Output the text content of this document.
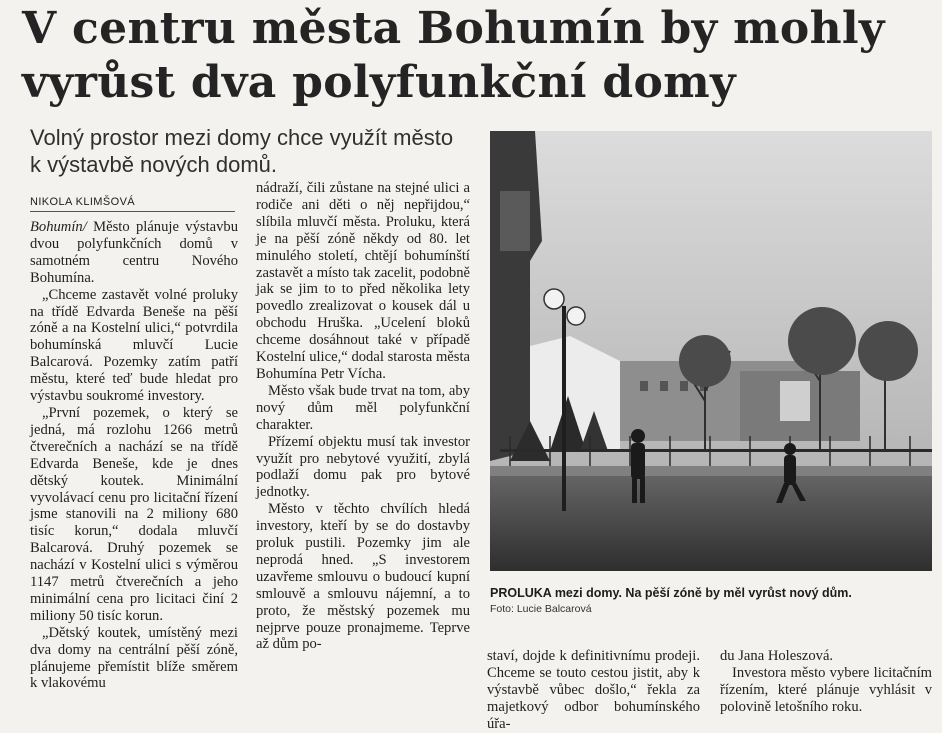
V centru města Bohumín by mohly vyrůst dva polyfunkční domy
Volný prostor mezi domy chce využít město k výstavbě nových domů.
NIKOLA KLIMŠOVÁ

Bohumín/ Město plánuje výstavbu dvou polyfunkčních domů v samotném centru Nového Bohumína.

„Chceme zastavět volné proluky na třídě Edvarda Beneše na pěší zóně a na Kostelní ulici,“ potvrdila bohumínská mluvčí Lucie Balcarová. Pozemky zatím patří městu, které teď bude hledat pro výstavbu soukromé investory.

„První pozemek, o který se jedná, má rozlohu 1266 metrů čtverečních a nachází se na třídě Edvarda Beneše, kde je dnes dětský koutek. Minimální vyvolávací cenu pro licitační řízení jsme stanovili na 2 miliony 680 tisíc korun,“ dodala mluvčí Balcarová. Druhý pozemek se nachází v Kostelní ulici s výměrou 1147 metrů čtverečních a jeho minimální cena pro licitaci činí 2 miliony 50 tisíc korun.

„Dětský koutek, umístěný mezi dva domy na centrální pěší zóně, plánujeme přemístit blíže směrem k vlakovému

nádraží, čili zůstane na stejné ulici a rodiče ani děti o něj nepřijdou,“ slíbila mluvčí města. Proluku, která je na pěší zóně někdy od 80. let minulého století, chtějí bohumínští zastavět a místo tak zacelit, podobně jak se jim to to před několika lety povedlo zrealizovat o kousek dál u obchodu Hruška. „Ucelení bloků chceme dosáhnout také v případě Kostelní ulice,“ dodal starosta města Bohumína Petr Vícha.

Město však bude trvat na tom, aby nový dům měl polyfunkční charakter.

Přízemí objektu musí tak investor využít pro nebytové využití, zbylá podlaží domu pak pro bytové jednotky.

Město v těchto chvílích hledá investory, kteří by se do dostavby proluk pustili. Pozemky jim ale neprodá hned. „S investorem uzavřeme smlouvu o budoucí kupní smlouvě a smlouvu nájemní, a to proto, že městský pozemek mu nejprve pouze pronajmeme. Teprve až dům po-

PROLUKA mezi domy. Na pěší zóně by měl vyrůst nový dům.
Foto: Lucie Balcarová

staví, dojde k definitivnímu prodeji. Chceme se touto cestou jistit, aby k výstavbě vůbec došlo,“ řekla za majetkový odbor bohumínského úřa-

du Jana Holeszová.

Investora město vybere licitačním řízením, které plánuje vyhlásit v polovině letošního roku.
